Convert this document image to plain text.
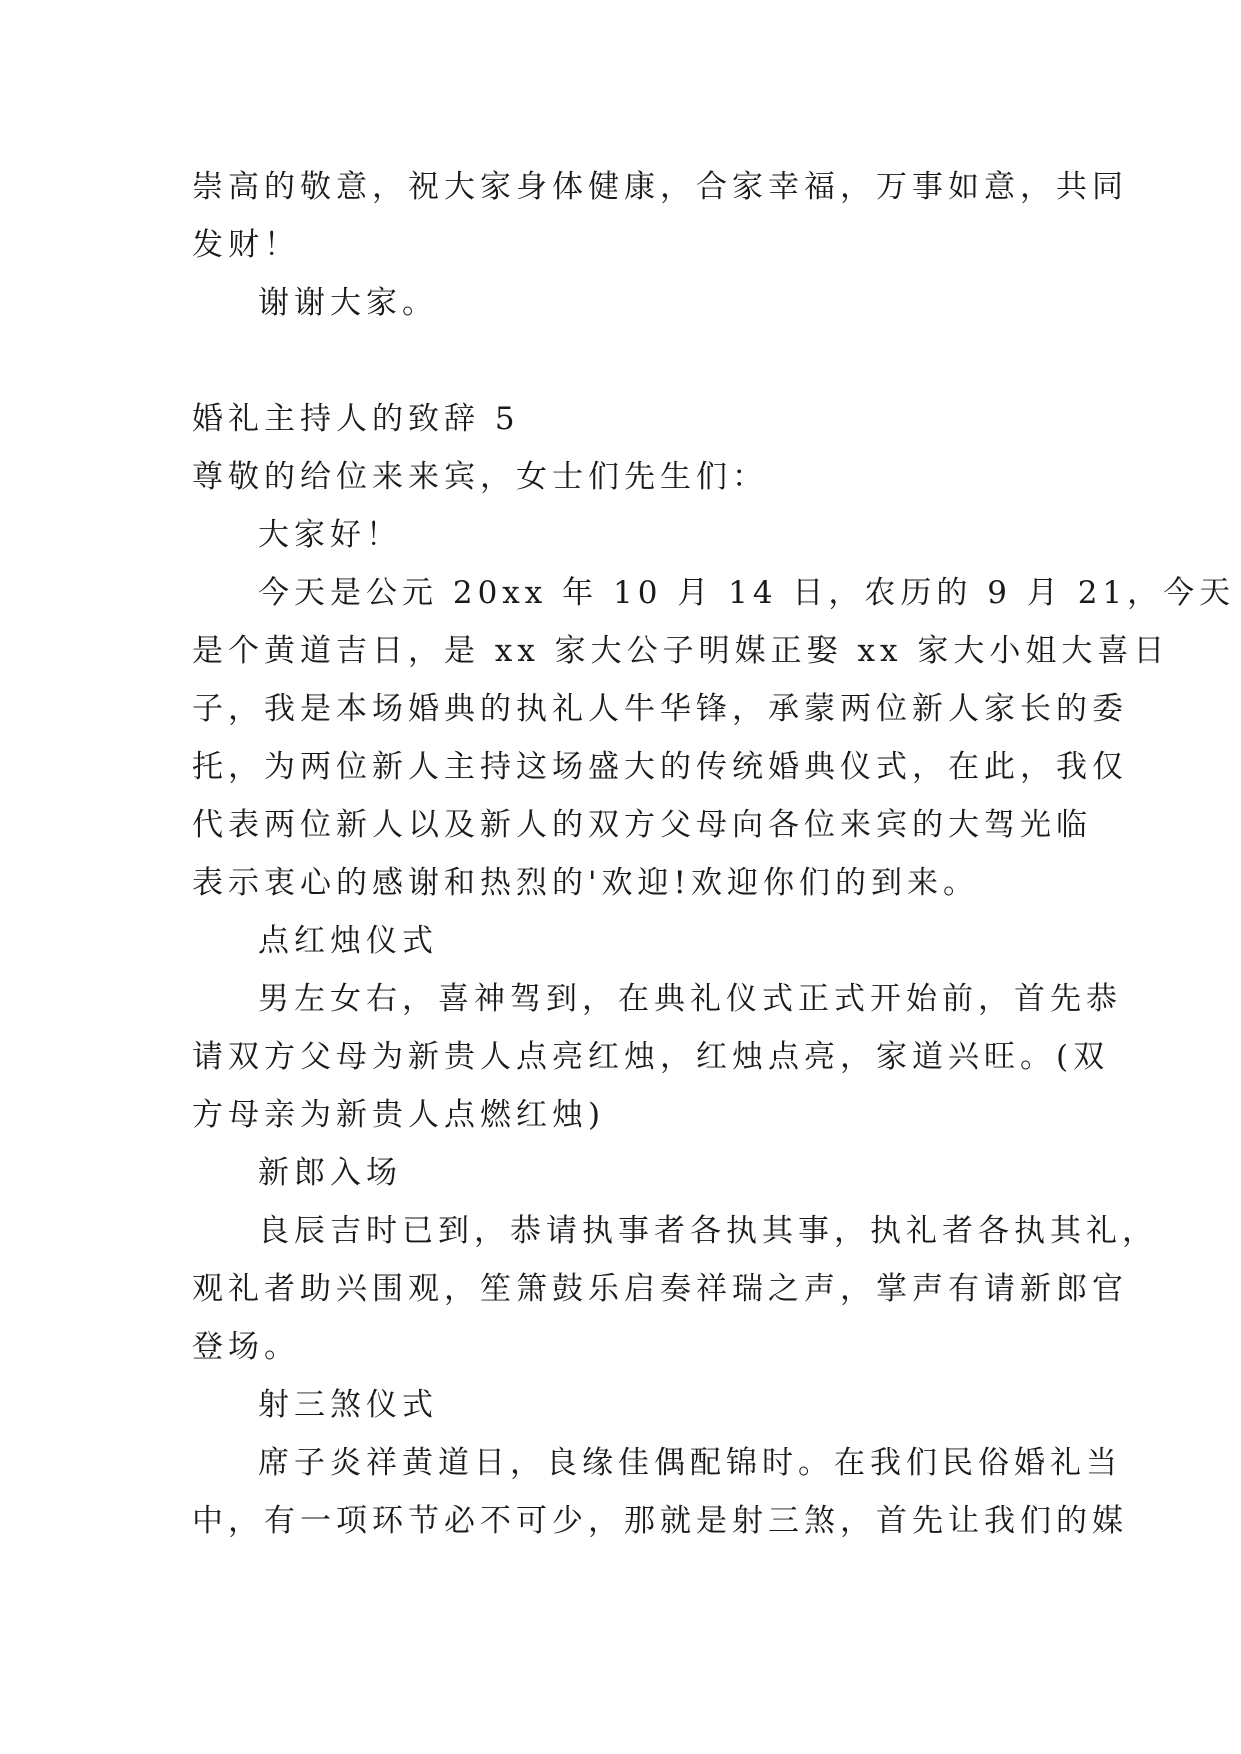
崇高的敬意，祝大家身体健康，合家幸福，万事如意，共同
发财！

谢谢大家。

婚礼主持人的致辞 5

尊敬的给位来来宾，女士们先生们：

大家好！

今天是公元 20xx 年 10 月 14 日，农历的 9 月 21，今天
是个黄道吉日，是 xx 家大公子明媒正娶 xx 家大小姐大喜日
子，我是本场婚典的执礼人牛华锋，承蒙两位新人家长的委
托，为两位新人主持这场盛大的传统婚典仪式，在此，我仅
代表两位新人以及新人的双方父母向各位来宾的大驾光临
表示衷心的感谢和热烈的'欢迎!欢迎你们的到来。

点红烛仪式

男左女右，喜神驾到，在典礼仪式正式开始前，首先恭
请双方父母为新贵人点亮红烛，红烛点亮，家道兴旺。(双
方母亲为新贵人点燃红烛)

新郎入场

良辰吉时已到，恭请执事者各执其事，执礼者各执其礼，
观礼者助兴围观，笙箫鼓乐启奏祥瑞之声，掌声有请新郎官
登场。

射三煞仪式

席子炎祥黄道日，良缘佳偶配锦时。在我们民俗婚礼当
中，有一项环节必不可少，那就是射三煞，首先让我们的媒
